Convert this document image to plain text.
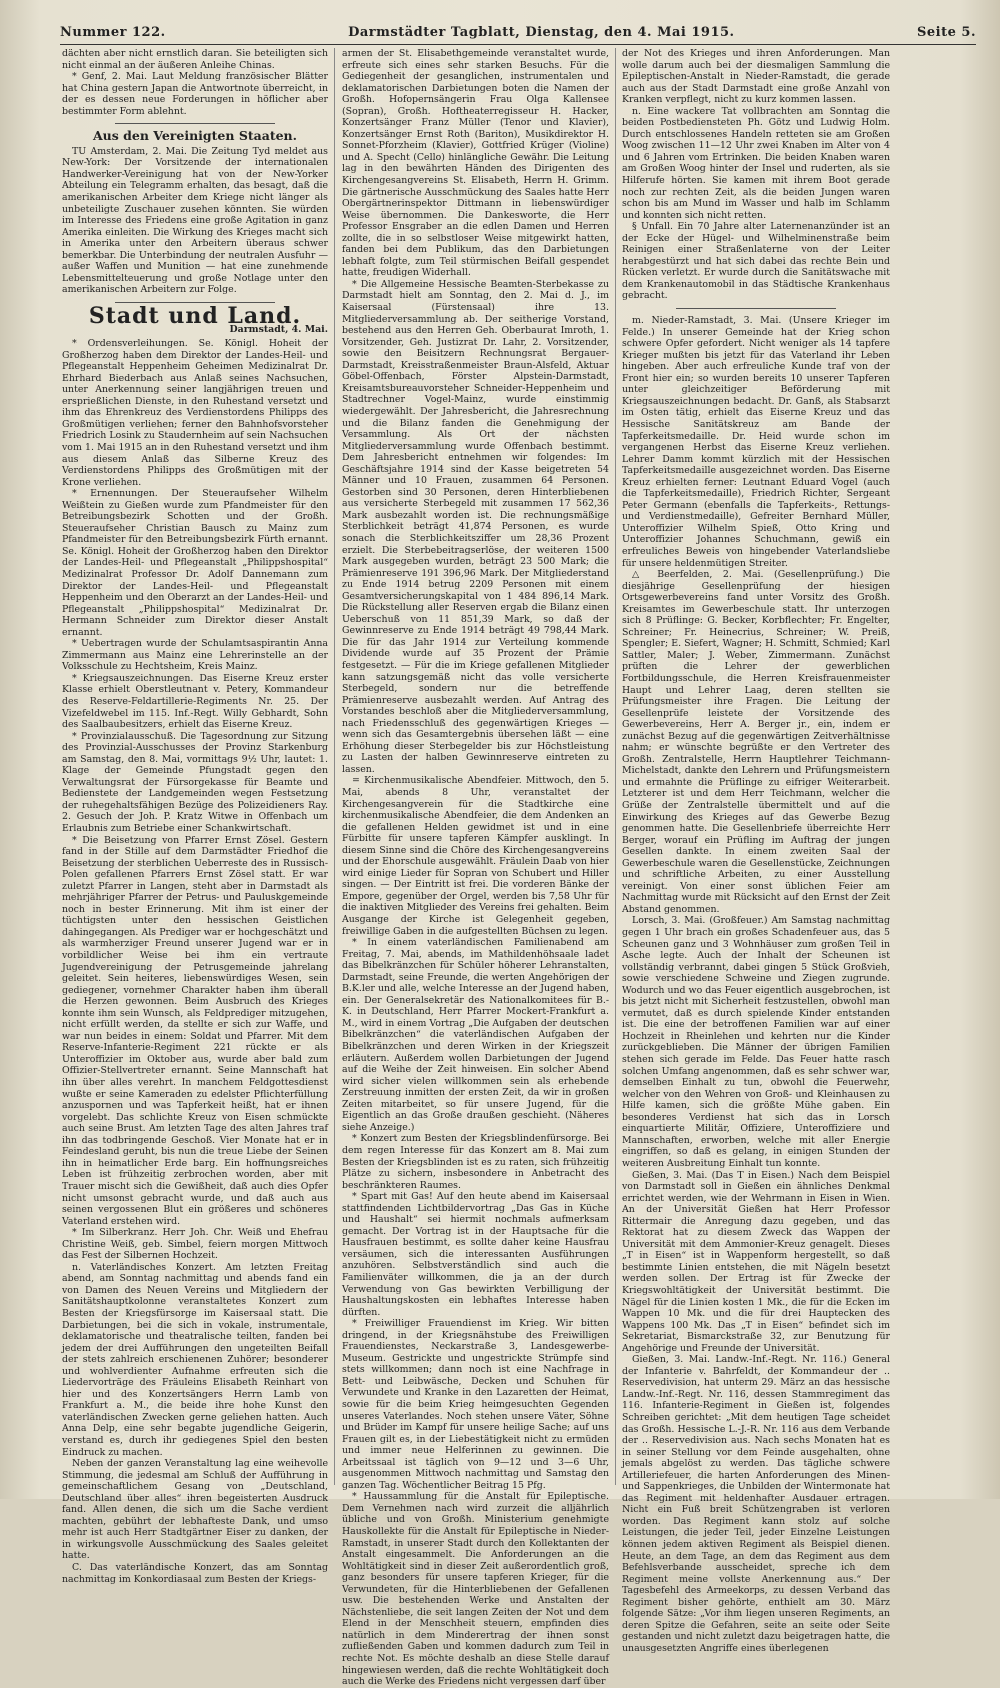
Nummer 122.	Darmstädter Tagblatt, Dienstag, den 4. Mai 1915.	Seite 5.

dächten aber nicht ernstlich daran. Sie beteiligten sich nicht einmal an der äußeren Anleihe Chinas.

* Genf, 2. Mai. Laut Meldung französischer Blätter hat China gestern Japan die Antwortnote überreicht, in der es dessen neue Forderungen in höflicher aber bestimmter Form ablehnt.

Aus den Vereinigten Staaten.

TU Amsterdam, 2. Mai. Die Zeitung Tyd meldet aus New-York: Der Vorsitzende der internationalen Handwerker-Vereinigung hat von der New-Yorker Abteilung ein Telegramm erhalten, das besagt, daß die amerikanischen Arbeiter dem Kriege nicht länger als unbeteiligte Zuschauer zusehen könnten. Sie würden im Interesse des Friedens eine große Agitation in ganz Amerika einleiten. Die Wirkung des Krieges macht sich in Amerika unter den Arbeitern überaus schwer bemerkbar. Die Unterbindung der neutralen Ausfuhr — außer Waffen und Munition — hat eine zunehmende Lebensmittelteuerung und große Notlage unter den amerikanischen Arbeitern zur Folge.

Stadt und Land.
Darmstadt, 4. Mai.

* Ordensverleihungen. Se. Königl. Hoheit der Großherzog haben dem Direktor der Landes-Heil- und Pflegeanstalt Heppenheim Geheimen Medizinalrat Dr. Ehrhard Biederbach aus Anlaß seines Nachsuchen, unter Anerkennung seiner langjährigen treuen und ersprießlichen Dienste, in den Ruhestand versetzt und ihm das Ehrenkreuz des Verdienstordens Philipps des Großmütigen verliehen; ferner den Bahnhofsvorsteher Friedrich Losink zu Staudernheim auf sein Nachsuchen vom 1. Mai 1915 an in den Ruhestand versetzt und ihm aus diesem Anlaß das Silberne Kreuz des Verdienstordens Philipps des Großmütigen mit der Krone verliehen.

* Ernennungen. Der Steueraufseher Wilhelm Weißtein zu Gießen wurde zum Pfandmeister für den Betreibungsbezirk Schotten und der Großh. Steueraufseher Christian Bausch zu Mainz zum Pfandmeister für den Betreibungsbezirk Fürth ernannt. Se. Königl. Hoheit der Großherzog haben den Direktor der Landes-Heil- und Pflegeanstalt „Philippshospital“ Medizinalrat Professor Dr. Adolf Dannemann zum Direktor der Landes-Heil- und Pflegeanstalt Heppenheim und den Oberarzt an der Landes-Heil- und Pflegeanstalt „Philippshospital“ Medizinalrat Dr. Hermann Schneider zum Direktor dieser Anstalt ernannt.

* Uebertragen wurde der Schulamtsaspirantin Anna Zimmermann aus Mainz eine Lehrerinstelle an der Volksschule zu Hechtsheim, Kreis Mainz.

* Kriegsauszeichnungen. Das Eiserne Kreuz erster Klasse erhielt Oberstleutnant v. Petery, Kommandeur des Reserve-Feldartillerie-Regiments Nr. 25. Der Vizefeldwebel im 115. Inf.-Regt. Willy Gebhardt, Sohn des Saalbaubesitzers, erhielt das Eiserne Kreuz.

* Provinzialausschuß. Die Tagesordnung zur Sitzung des Provinzial-Ausschusses der Provinz Starkenburg am Samstag, den 8. Mai, vormittags 9½ Uhr, lautet: 1. Klage der Gemeinde Pfungstadt gegen den Verwaltungsrat der Fürsorgekasse für Beamte und Bedienstete der Landgemeinden wegen Festsetzung der ruhegehaltsfähigen Bezüge des Polizeidieners Ray. 2. Gesuch der Joh. P. Kratz Witwe in Offenbach um Erlaubnis zum Betriebe einer Schankwirtschaft.

* Die Beisetzung von Pfarrer Ernst Zösel. Gestern fand in der Stille auf dem Darmstädter Friedhof die Beisetzung der sterblichen Ueberreste des in Russisch-Polen gefallenen Pfarrers Ernst Zösel statt. Er war zuletzt Pfarrer in Langen, steht aber in Darmstadt als mehrjähriger Pfarrer der Petrus- und Pauluskgemeinde noch in bester Erinnerung. Mit ihm ist einer der tüchtigsten unter den hessischen Geistlichen dahingegangen. Als Prediger war er hochgeschätzt und als warmherziger Freund unserer Jugend war er in vorbildlicher Weise bei ihm ein vertraute Jugendvereinigung der Petrusgemeinde jahrelang geleitet. Sein heiteres, liebenswürdiges Wesen, sein gediegener, vornehmer Charakter haben ihm überall die Herzen gewonnen. Beim Ausbruch des Krieges konnte ihm sein Wunsch, als Feldprediger mitzugehen, nicht erfüllt werden, da stellte er sich zur Waffe, und war nun beides in einem: Soldat und Pfarrer. Mit dem Reserve-Infanterie-Regiment 221 rückte er als Unteroffizier im Oktober aus, wurde aber bald zum Offizier-Stellvertreter ernannt. Seine Mannschaft hat ihn über alles verehrt. In manchem Feldgottesdienst wußte er seine Kameraden zu edelster Pflichterfüllung anzuspornen und was Tapferkeit heißt, hat er ihnen vorgelebt. Das schlichte Kreuz von Eisen schmückte auch seine Brust. Am letzten Tage des alten Jahres traf ihn das todbringende Geschoß. Vier Monate hat er in Feindesland geruht, bis nun die treue Liebe der Seinen ihn in heimatlicher Erde barg. Ein hoffnungsreiches Leben ist frühzeitig zerbrochen worden, aber mit Trauer mischt sich die Gewißheit, daß auch dies Opfer nicht umsonst gebracht wurde, und daß auch aus seinen vergossenen Blut ein größeres und schöneres Vaterland erstehen wird.

* Im Silberkranz. Herr Joh. Chr. Weiß und Ehefrau Christine Weiß, geb. Simbel, feiern morgen Mittwoch das Fest der Silbernen Hochzeit.

n. Vaterländisches Konzert. Am letzten Freitag abend, am Sonntag nachmittag und abends fand ein von Damen des Neuen Vereins und Mitgliedern der Sanitätshauptkolonne veranstaltetes Konzert zum Besten der Kriegsfürsorge im Kaisersaal statt. Die Darbietungen, bei die sich in vokale, instrumentale, deklamatorische und theatralische teilten, fanden bei jedem der drei Aufführungen den ungeteilten Beifall der stets zahlreich erschienenen Zuhörer; besonderer und wohlverdienter Aufnahme erfreuten sich die Liedervorträge des Fräuleins Elisabeth Reinhart von hier und des Konzertsängers Herrn Lamb von Frankfurt a. M., die beide ihre hohe Kunst den vaterländischen Zwecken gerne geliehen hatten. Auch Anna Delp, eine sehr begabte jugendliche Geigerin, verstand es, durch ihr gediegenes Spiel den besten Eindruck zu machen.

Neben der ganzen Veranstaltung lag eine weihevolle Stimmung, die jedesmal am Schluß der Aufführung in gemeinschaftlichem Gesang von „Deutschland, Deutschland über alles“ ihren begeisterten Ausdruck fand. Allen denen, die sich um die Sache verdient machten, gebührt der lebhafteste Dank, und umso mehr ist auch Herr Stadtgärtner Eiser zu danken, der in wirkungsvolle Ausschmückung des Saales geleitet hatte.

C. Das vaterländische Konzert, das am Sonntag nachmittag im Konkordiasaal zum Besten der Kriegs-

armen der St. Elisabethgemeinde veranstaltet wurde, erfreute sich eines sehr starken Besuchs. Für die Gediegenheit der gesanglichen, instrumentalen und deklamatorischen Darbietungen boten die Namen der Großh. Hofopernsängerin Frau Olga Kallensee (Sopran), Großh. Hoftheaterregisseur H. Hacker, Konzertsänger Franz Müller (Tenor und Klavier), Konzertsänger Ernst Roth (Bariton), Musikdirektor H. Sonnet-Pforzheim (Klavier), Gottfried Krüger (Violine) und A. Specht (Cello) hinlängliche Gewähr. Die Leitung lag in den bewährten Händen des Dirigenten des Kirchengesangvereins St. Elisabeth, Herrn H. Grimm. Die gärtnerische Ausschmückung des Saales hatte Herr Obergärtnerinspektor Dittmann in liebenswürdiger Weise übernommen. Die Dankesworte, die Herr Professor Ensgraber an die edlen Damen und Herren zollte, die in so selbstloser Weise mitgewirkt hatten, fanden bei dem Publikum, das den Darbietungen lebhaft folgte, zum Teil stürmischen Beifall gespendet hatte, freudigen Widerhall.

* Die Allgemeine Hessische Beamten-Sterbekasse zu Darmstadt hielt am Sonntag, den 2. Mai d. J., im Kaisersaal (Fürstensaal) ihre 13. Mitgliederversammlung ab. Der seitherige Vorstand, bestehend aus den Herren Geh. Oberbaurat Imroth, 1. Vorsitzender, Geh. Justizrat Dr. Lahr, 2. Vorsitzender, sowie den Beisitzern Rechnungsrat Bergauer-Darmstadt, Kreisstraßenmeister Braun-Alsfeld, Aktuar Göbel-Offenbach, Förster Alpstein-Darmstadt, Kreisamtsbureauvorsteher Schneider-Heppenheim und Stadtrechner Vogel-Mainz, wurde einstimmig wiedergewählt. Der Jahresbericht, die Jahresrechnung und die Bilanz fanden die Genehmigung der Versammlung. Als Ort der nächsten Mitgliederversammlung wurde Offenbach bestimmt. Dem Jahresbericht entnehmen wir folgendes: Im Geschäftsjahre 1914 sind der Kasse beigetreten 54 Männer und 10 Frauen, zusammen 64 Personen. Gestorben sind 30 Personen, deren Hinterbliebenen aus versicherte Sterbegeld mit zusammen 17 562,36 Mark ausbezahlt worden ist. Die rechnungsmäßige Sterblichkeit beträgt 41,874 Personen, es wurde sonach die Sterblichkeitsziffer um 28,36 Prozent erzielt. Die Sterbebeitragserlöse, der weiteren 1500 Mark ausgegeben wurden, beträgt 23 500 Mark; die Prämienreserve 191 396,96 Mark. Der Mitgliederstand zu Ende 1914 betrug 2209 Personen mit einem Gesamtversicherungskapital von 1 484 896,14 Mark. Die Rückstellung aller Reserven ergab die Bilanz einen Ueberschuß von 11 851,39 Mark, so daß der Gewinnreserve zu Ende 1914 beträgt 49 798,44 Mark. Die für das Jahr 1914 zur Verteilung kommende Dividende wurde auf 35 Prozent der Prämie festgesetzt. — Für die im Kriege gefallenen Mitglieder kann satzungsgemäß nicht das volle versicherte Sterbegeld, sondern nur die betreffende Prämienreserve ausbezahlt werden. Auf Antrag des Vorstandes beschloß aber die Mitgliederversammlung, nach Friedensschluß des gegenwärtigen Krieges — wenn sich das Gesamtergebnis übersehen läßt — eine Erhöhung dieser Sterbegelder bis zur Höchstleistung zu Lasten der halben Gewinnreserve eintreten zu lassen.

= Kirchenmusikalische Abendfeier. Mittwoch, den 5. Mai, abends 8 Uhr, veranstaltet der Kirchengesangverein für die Stadtkirche eine kirchenmusikalische Abendfeier, die dem Andenken an die gefallenen Helden gewidmet ist und in eine Fürbitte für unsere tapferen Kämpfer ausklingt. In diesem Sinne sind die Chöre des Kirchengesangvereins und der Ehorschule ausgewählt. Fräulein Daab von hier wird einige Lieder für Sopran von Schubert und Hiller singen. — Der Eintritt ist frei. Die vorderen Bänke der Empore, gegenüber der Orgel, werden bis 7,58 Uhr für die inaktiven Mitglieder des Vereins frei gehalten. Beim Ausgange der Kirche ist Gelegenheit gegeben, freiwillige Gaben in die aufgestellten Büchsen zu legen.

* In einem vaterländischen Familienabend am Freitag, 7. Mai, abends, im Mathildenhöhsaale ladet das Bibelkränzchen für Schüler höherer Lehranstalten, Darmstadt, seine Freunde, die werten Angehörigen der B.K.ler und alle, welche Interesse an der Jugend haben, ein. Der Generalsekretär des Nationalkomitees für B.-K. in Deutschland, Herr Pfarrer Mockert-Frankfurt a. M., wird in einem Vortrag „Die Aufgaben der deutschen Bibelkränzchen“ die vaterländischen Aufgaben der Bibelkränzchen und deren Wirken in der Kriegszeit erläutern. Außerdem wollen Darbietungen der Jugend auf die Weihe der Zeit hinweisen. Ein solcher Abend wird sicher vielen willkommen sein als erhebende Zerstreuung inmitten der ersten Zeit, da wir in großen Zeiten mitarbeitet, so für unsere Jugend, für die Eigentlich an das Große draußen geschieht. (Näheres siehe Anzeige.)

* Konzert zum Besten der Kriegsblindenfürsorge. Bei dem regen Interesse für das Konzert am 8. Mai zum Besten der Kriegsblinden ist es zu raten, sich frühzeitig Plätze zu sichern, insbesondere in Anbetracht des beschränkteren Raumes.

* Spart mit Gas! Auf den heute abend im Kaisersaal stattfindenden Lichtbildervortrag „Das Gas in Küche und Haushalt“ sei hiermit nochmals aufmerksam gemacht. Der Vortrag ist in der Hauptsache für die Hausfrauen bestimmt, es sollte daher keine Hausfrau versäumen, sich die interessanten Ausführungen anzuhören. Selbstverständlich sind auch die Familienväter willkommen, die ja an der durch Verwendung von Gas bewirkten Verbilligung der Haushaltungskosten ein lebhaftes Interesse haben dürften.

* Freiwilliger Frauendienst im Krieg. Wir bitten dringend, in der Kriegsnähstube des Freiwilligen Frauendienstes, Neckarstraße 3, Landesgewerbe-Museum. Gestrickte und ungestrickte Strümpfe sind stets willkommen; dann noch ist eine Nachfrage in Bett- und Leibwäsche, Decken und Schuhen für Verwundete und Kranke in den Lazaretten der Heimat, sowie für die beim Krieg heimgesuchten Gegenden unseres Vaterlandes. Noch stehen unsere Väter, Söhne und Brüder im Kampf für unsere heilige Sache; auf uns Frauen gilt es, in der Liebestätigkeit nicht zu ermüden und immer neue Helferinnen zu gewinnen. Die Arbeitssaal ist täglich von 9—12 und 3—6 Uhr, ausgenommen Mittwoch nachmittag und Samstag den ganzen Tag. Wöchentlicher Beitrag 15 Pfg.

* Haussammlung für die Anstalt für Epileptische. Dem Vernehmen nach wird zurzeit die alljährlich übliche und von Großh. Ministerium genehmigte Hauskollekte für die Anstalt für Epileptische in Nieder-Ramstadt, in unserer Stadt durch den Kollektanten der Anstalt eingesammelt. Die Anforderungen an die Wohltätigkeit sind in dieser Zeit außerordentlich groß, ganz besonders für unsere tapferen Krieger, für die Verwundeten, für die Hinterbliebenen der Gefallenen usw. Die bestehenden Werke und Anstalten der Nächstenliebe, die seit langen Zeiten der Not und dem Elend in der Menschheit steuern, empfinden dies natürlich in dem Minderertrag der ihnen sonst zufließenden Gaben und kommen dadurch zum Teil in rechte Not. Es möchte deshalb an diese Stelle darauf hingewiesen werden, daß die rechte Wohltätigkeit doch auch die Werke des Friedens nicht vergessen darf über

der Not des Krieges und ihren Anforderungen. Man wolle darum auch bei der diesmaligen Sammlung die Epileptischen-Anstalt in Nieder-Ramstadt, die gerade auch aus der Stadt Darmstadt eine große Anzahl von Kranken verpflegt, nicht zu kurz kommen lassen.

n. Eine wackere Tat vollbrachten am Sonntag die beiden Postbediensteten Ph. Götz und Ludwig Holm. Durch entschlossenes Handeln retteten sie am Großen Woog zwischen 11—12 Uhr zwei Knaben im Alter von 4 und 6 Jahren vom Ertrinken. Die beiden Knaben waren am Großen Woog hinter der Insel und ruderten, als sie Hilferufe hörten. Sie kamen mit ihrem Boot gerade noch zur rechten Zeit, als die beiden Jungen waren schon bis am Mund im Wasser und halb im Schlamm und konnten sich nicht retten.

§ Unfall. Ein 70 Jahre alter Laternenanzünder ist an der Ecke der Hügel- und Wilhelminenstraße beim Reinigen einer Straßenlaterne von der Leiter herabgestürzt und hat sich dabei das rechte Bein und Rücken verletzt. Er wurde durch die Sanitätswache mit dem Krankenautomobil in das Städtische Krankenhaus gebracht.

m. Nieder-Ramstadt, 3. Mai. (Unsere Krieger im Felde.) In unserer Gemeinde hat der Krieg schon schwere Opfer gefordert. Nicht weniger als 14 tapfere Krieger mußten bis jetzt für das Vaterland ihr Leben hingeben. Aber auch erfreuliche Kunde traf von der Front hier ein; so wurden bereits 10 unserer Tapferen unter gleichzeitiger Beförderung mit Kriegsauszeichnungen bedacht. Dr. Ganß, als Stabsarzt im Osten tätig, erhielt das Eiserne Kreuz und das Hessische Sanitätskreuz am Bande der Tapferkeitsmedaille. Dr. Heid wurde schon im vergangenen Herbst das Eiserne Kreuz verliehen. Lehrer Damm kommt kürzlich mit der Hessischen Tapferkeitsmedaille ausgezeichnet worden. Das Eiserne Kreuz erhielten ferner: Leutnant Eduard Vogel (auch die Tapferkeitsmedaille), Friedrich Richter, Sergeant Peter Germann (ebenfalls die Tapferkeits-, Rettungs- und Verdienstmedaille), Gefreiter Bernhard Müller, Unteroffizier Wilhelm Spieß, Otto Kring und Unteroffizier Johannes Schuchmann, gewiß ein erfreuliches Beweis von hingebender Vaterlandsliebe für unsere heldenmütigen Streiter.

△ Beerfelden, 2. Mai. (Gesellenprüfung.) Die diesjährige Gesellenprüfung der hiesigen Ortsgewerbevereins fand unter Vorsitz des Großh. Kreisamtes im Gewerbeschule statt. Ihr unterzogen sich 8 Prüflinge: G. Becker, Korbflechter; Fr. Engelter, Schreiner; Fr. Heinecrius, Schreiner; W. Preiß, Spengler; E. Siefert, Wagner; H. Schmitt, Schmied; Karl Sattler, Maler; J. Weber, Zimmermann. Zunächst prüften die Lehrer der gewerblichen Fortbildungsschule, die Herren Kreisfrauenmeister Haupt und Lehrer Laag, deren stellten sie Prüfungsmeister ihre Fragen. Die Leitung der Gesellenprüfe leistete der Vorsitzende des Gewerbevereins, Herr A. Berger jr., ein, indem er zunächst Bezug auf die gegenwärtigen Zeitverhältnisse nahm; er wünschte begrüßte er den Vertreter des Großh. Zentralstelle, Herrn Hauptlehrer Teichmann-Michelstadt, dankte den Lehrern und Prüfungsmeistern und ermahnte die Prüflinge zu eifriger Weiterarbeit. Letzterer ist und dem Herr Teichmann, welcher die Grüße der Zentralstelle übermittelt und auf die Einwirkung des Krieges auf das Gewerbe Bezug genommen hatte. Die Gesellenbriefe überreichte Herr Berger, worauf ein Prüfling im Auftrag der jungen Gesellen dankte. In einem zweiten Saal der Gewerbeschule waren die Gesellenstücke, Zeichnungen und schriftliche Arbeiten, zu einer Ausstellung vereinigt. Von einer sonst üblichen Feier am Nachmittag wurde mit Rücksicht auf den Ernst der Zeit Abstand genommen.

Lorsch, 3. Mai. (Großfeuer.) Am Samstag nachmittag gegen 1 Uhr brach ein großes Schadenfeuer aus, das 5 Scheunen ganz und 3 Wohnhäuser zum großen Teil in Asche legte. Auch der Inhalt der Scheunen ist vollständig verbrannt, dabei gingen 5 Stück Großvieh, sowie verschiedene Schweine und Ziegen zugrunde. Wodurch und wo das Feuer eigentlich ausgebrochen, ist bis jetzt nicht mit Sicherheit festzustellen, obwohl man vermutet, daß es durch spielende Kinder entstanden ist. Die eine der betroffenen Familien war auf einer Hochzeit in Rheinlehen und kehrten nur die Kinder zurückgeblieben. Die Männer der übrigen Familien stehen sich gerade im Felde. Das Feuer hatte rasch solchen Umfang angenommen, daß es sehr schwer war, demselben Einhalt zu tun, obwohl die Feuerwehr, welcher von den Wehren von Groß- und Kleinhausen zu Hilfe kamen, sich die größte Mühe gaben. Ein besonderes Verdienst hat sich das in Lorsch einquartierte Militär, Offiziere, Unteroffiziere und Mannschaften, erworben, welche mit aller Energie eingriffen, so daß es gelang, in einigen Stunden der weiteren Ausbreitung Einhalt tun konnte.

Gießen, 3. Mai. (Das T in Eisen.) Nach dem Beispiel von Darmstadt soll in Gießen ein ähnliches Denkmal errichtet werden, wie der Wehrmann in Eisen in Wien. An der Universität Gießen hat Herr Professor Rittermair die Anregung dazu gegeben, und das Rektorat hat zu diesem Zweck das Wappen der Universität mit dem Ammonier-Kreuz genagelt. Dieses „T in Eisen“ ist in Wappenform hergestellt, so daß bestimmte Linien entstehen, die mit Nägeln besetzt werden sollen. Der Ertrag ist für Zwecke der Kriegswohltätigkeit der Universität bestimmt. Die Nägel für die Linien kosten 1 Mk., die für die Ecken im Wappen 10 Mk. und die für drei Hauptecken des Wappens 100 Mk. Das „T in Eisen“ befindet sich im Sekretariat, Bismarckstraße 32, zur Benutzung für Angehörige und Freunde der Universität.

Gießen, 3. Mai. Landw.-Inf.-Regt. Nr. 116.) General der Infanterie v. Bahrfeldt, der Kommandeur der .. Reservedivision, hat unterm 29. März an das hessische Landw.-Inf.-Regt. Nr. 116, dessen Stammregiment das 116. Infanterie-Regiment in Gießen ist, folgendes Schreiben gerichtet: „Mit dem heutigen Tage scheidet das Großh. Hessische L.-J.-R. Nr. 116 aus dem Verbande der .. Reservedivision aus. Nach sechs Monaten hat es in seiner Stellung vor dem Feinde ausgehalten, ohne jemals abgelöst zu werden. Das tägliche schwere Artilleriefeuer, die harten Anforderungen des Minen- und Sappenkrieges, die Unbilden der Wintermonate hat das Regiment mit heldenhafter Ausdauer ertragen. Nicht ein Fuß breit Schützengraben ist verloren worden. Das Regiment kann stolz auf solche Leistungen, die jeder Teil, jeder Einzelne Leistungen können jedem aktiven Regiment als Beispiel dienen. Heute, an dem Tage, an dem das Regiment aus dem Befehlsverbande ausscheidet, spreche ich dem Regiment meine vollste Anerkennung aus.“ Der Tagesbefehl des Armeekorps, zu dessen Verband das Regiment bisher gehörte, enthielt am 30. März folgende Sätze: „Vor ihm liegen unseren Regiments, an deren Spitze die Gefahren, seite an seite oder Seite gestanden und nicht zuletzt dazu beigetragen hatte, die unausgesetzten Angriffe eines überlegenen
